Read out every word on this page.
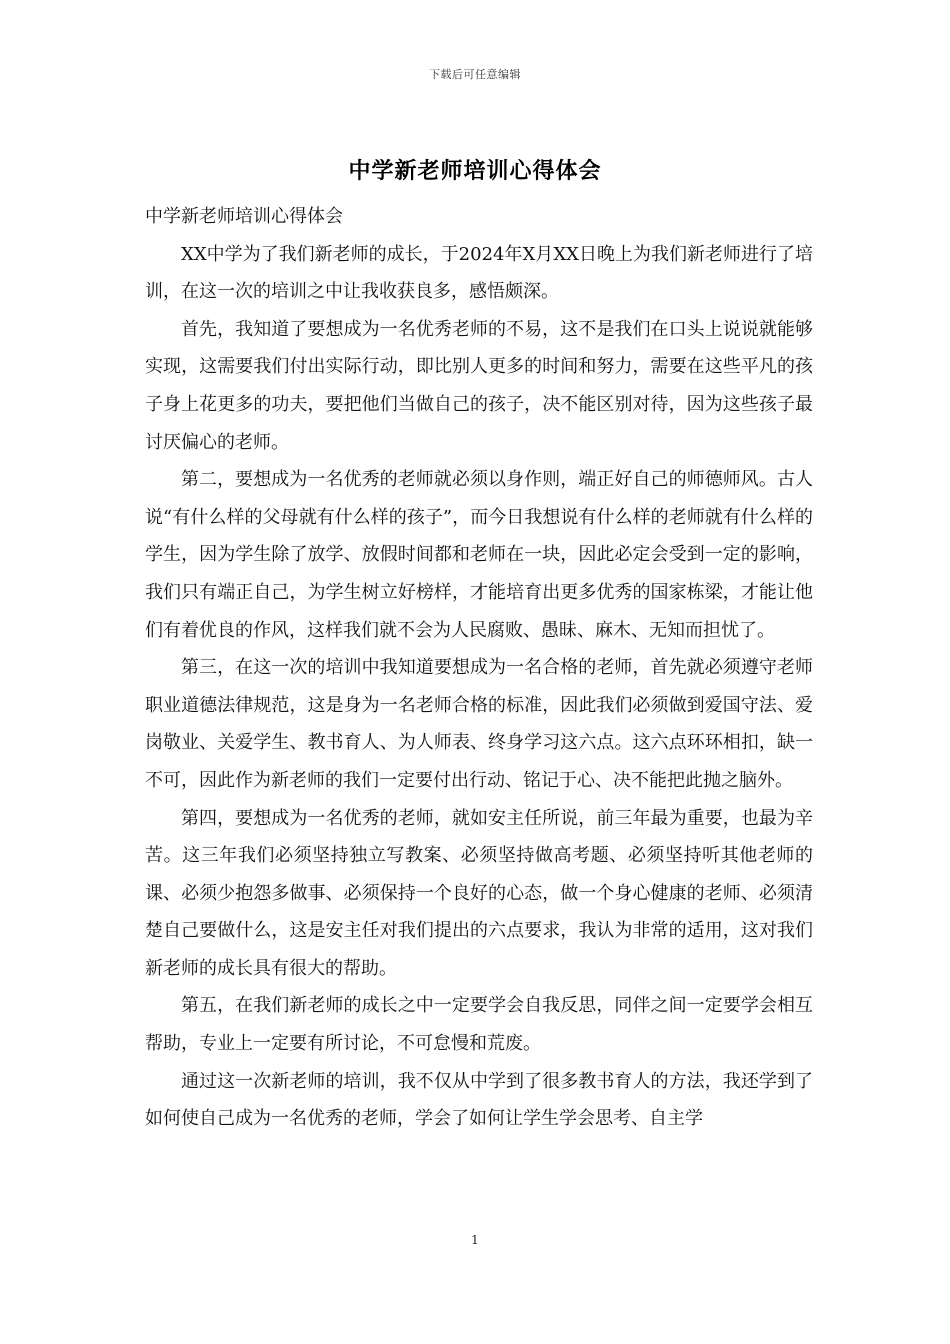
下载后可任意编辑
中学新老师培训心得体会

中学新老师培训心得体会

XX中学为了我们新老师的成长，于2024年X月XX日晚上为我们新老师进行了培训，在这一次的培训之中让我收获良多，感悟颇深。

首先，我知道了要想成为一名优秀老师的不易，这不是我们在口头上说说就能够实现，这需要我们付出实际行动，即比别人更多的时间和努力，需要在这些平凡的孩子身上花更多的功夫，要把他们当做自己的孩子，决不能区别对待，因为这些孩子最讨厌偏心的老师。

第二，要想成为一名优秀的老师就必须以身作则，端正好自己的师德师风。古人说“有什么样的父母就有什么样的孩子”，而今日我想说有什么样的老师就有什么样的学生，因为学生除了放学、放假时间都和老师在一块，因此必定会受到一定的影响，我们只有端正自己，为学生树立好榜样，才能培育出更多优秀的国家栋梁，才能让他们有着优良的作风，这样我们就不会为人民腐败、愚昧、麻木、无知而担忧了。

第三，在这一次的培训中我知道要想成为一名合格的老师，首先就必须遵守老师职业道德法律规范，这是身为一名老师合格的标准，因此我们必须做到爱国守法、爱岗敬业、关爱学生、教书育人、为人师表、终身学习这六点。这六点环环相扣，缺一不可，因此作为新老师的我们一定要付出行动、铭记于心、决不能把此抛之脑外。

第四，要想成为一名优秀的老师，就如安主任所说，前三年最为重要，也最为辛苦。这三年我们必须坚持独立写教案、必须坚持做高考题、必须坚持听其他老师的课、必须少抱怨多做事、必须保持一个良好的心态，做一个身心健康的老师、必须清楚自己要做什么，这是安主任对我们提出的六点要求，我认为非常的适用，这对我们新老师的成长具有很大的帮助。

第五，在我们新老师的成长之中一定要学会自我反思，同伴之间一定要学会相互帮助，专业上一定要有所讨论，不可怠慢和荒废。

通过这一次新老师的培训，我不仅从中学到了很多教书育人的方法，我还学到了如何使自己成为一名优秀的老师，学会了如何让学生学会思考、自主学

1
